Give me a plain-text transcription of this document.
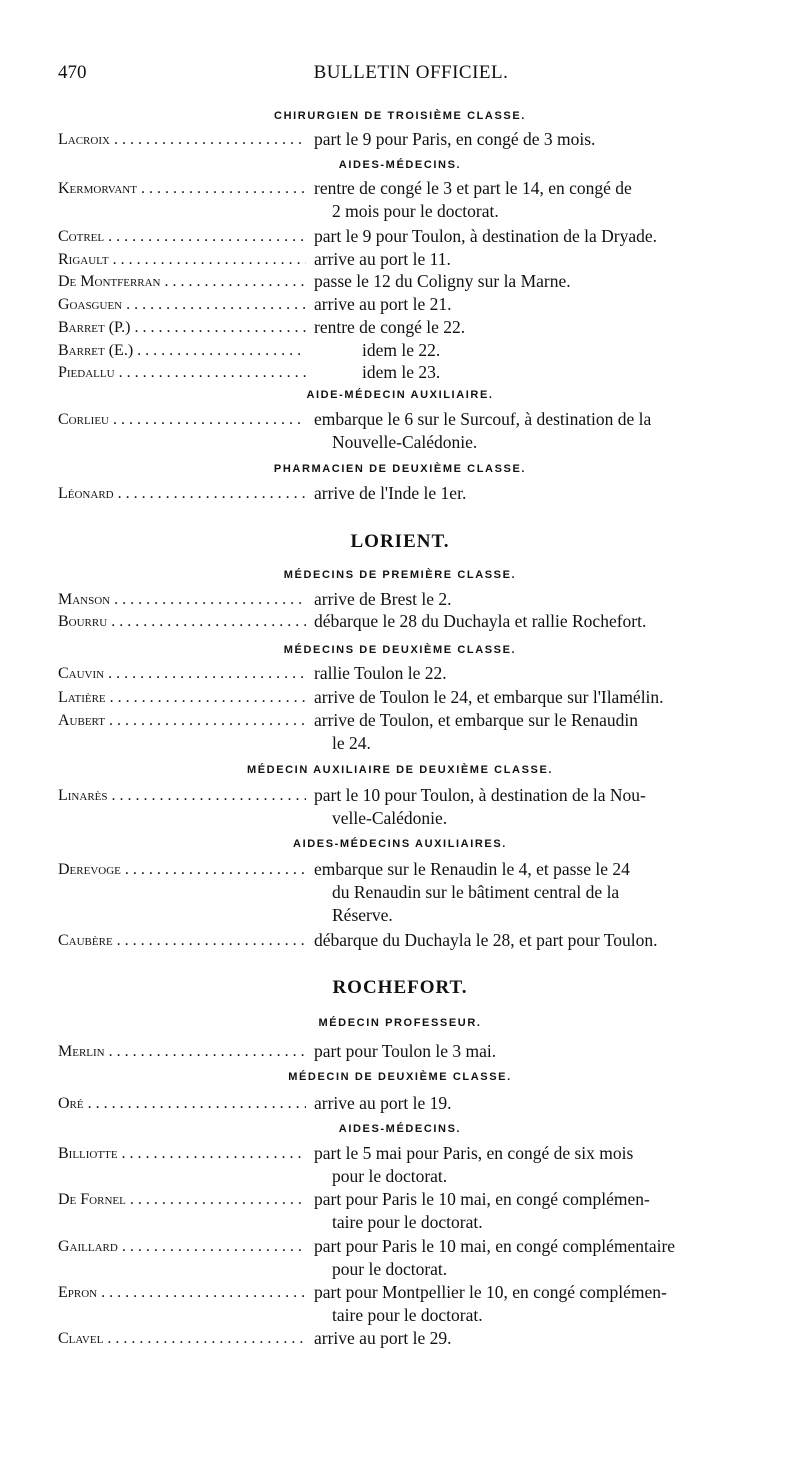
470	BULLETIN OFFICIEL.
CHIRURGIEN DE TROISIÈME CLASSE.
AIDES-MÉDECINS.
AIDE-MÉDECIN AUXILIAIRE.
PHARMACIEN DE DEUXIÈME CLASSE.
LORIENT.
MÉDECINS DE PREMIÈRE CLASSE.
MÉDECINS DE DEUXIÈME CLASSE.
MÉDECIN AUXILIAIRE DE DEUXIÈME CLASSE.
AIDES-MÉDECINS AUXILIAIRES.
ROCHEFORT.
MÉDECIN PROFESSEUR.
MÉDECIN DE DEUXIÈME CLASSE.
AIDES-MÉDECINS.
Lacroix . . .	part le 9 pour Paris, en congé de 3 mois.
Kermorvant . . .	rentre de congé le 3 et part le 14, en congé de
2 mois pour le doctorat.
Cotrel . . .	part le 9 pour Toulon, à destination de la Dryade.
Rigault . . .	arrive au port le 11.
De Montferran . . .	passe le 12 du Coligny sur la Marne.
Goasguen . . .	arrive au port le 21.
Barret (P.) . . .	rentre de congé le 22.
Barret (E.) . . .	idem le 22.
Piedallu . . .	idem le 23.
Corlieu . . .	embarque le 6 sur le Surcouf, à destination de la
Nouvelle-Calédonie.
Léonard . . .	arrive de l'Inde le 1er.
Manson . . .	arrive de Brest le 2.
Bourru . . .	débarque le 28 du Duchayla et rallie Rochefort.
Cauvin . . .	rallie Toulon le 22.
Latière . . .	arrive de Toulon le 24, et embarque sur l'Ilamélin.
Aubert . . .	arrive de Toulon, et embarque sur le Renaudin
le 24.
Linarès . . .	part le 10 pour Toulon, à destination de la Nou-
velle-Calédonie.
Derevoge . . .	embarque sur le Renaudin le 4, et passe le 24
du Renaudin sur le bâtiment central de la
Réserve.
Caubère . . .	débarque du Duchayla le 28, et part pour Toulon.
Merlin . . .	part pour Toulon le 3 mai.
Oré . . .	arrive au port le 19.
Billiotte . . .	part le 5 mai pour Paris, en congé de six mois
pour le doctorat.
De Fornel . . .	part pour Paris le 10 mai, en congé complémen-
taire pour le doctorat.
Gaillard . . .	part pour Paris le 10 mai, en congé complémentaire
pour le doctorat.
Epron . . .	part pour Montpellier le 10, en congé complémen-
taire pour le doctorat.
Clavel . . .	arrive au port le 29.
